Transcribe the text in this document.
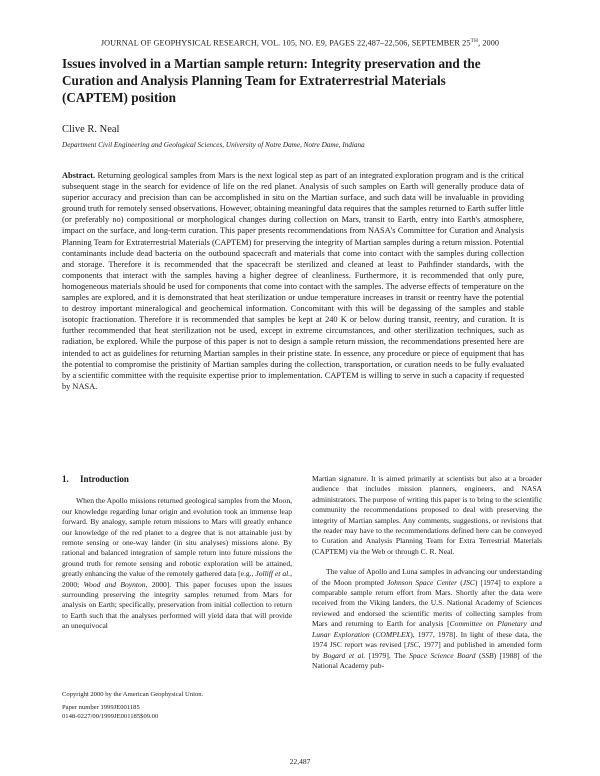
JOURNAL OF GEOPHYSICAL RESEARCH, VOL. 105, NO. E9, PAGES 22,487–22,506, SEPTEMBER 25TH, 2000
Issues involved in a Martian sample return: Integrity preservation and the Curation and Analysis Planning Team for Extraterrestrial Materials (CAPTEM) position

Clive R. Neal

Department Civil Engineering and Geological Sciences, University of Notre Dame, Notre Dame, Indiana

Abstract. Returning geological samples from Mars is the next logical step as part of an integrated exploration program and is the critical subsequent stage in the search for evidence of life on the red planet. Analysis of such samples on Earth will generally produce data of superior accuracy and precision than can be accomplished in situ on the Martian surface, and such data will be invaluable in providing ground truth for remotely sensed observations. However, obtaining meaningful data requires that the samples returned to Earth suffer little (or preferably no) compositional or morphological changes during collection on Mars, transit to Earth, entry into Earth's atmosphere, impact on the surface, and long-term curation. This paper presents recommendations from NASA's Committee for Curation and Analysis Planning Team for Extraterrestrial Materials (CAPTEM) for preserving the integrity of Martian samples during a return mission. Potential contaminants include dead bacteria on the outbound spacecraft and materials that come into contact with the samples during collection and storage. Therefore it is recommended that the spacecraft be sterilized and cleaned at least to Pathfinder standards, with the components that interact with the samples having a higher degree of cleanliness. Furthermore, it is recommended that only pure, homogeneous materials should be used for components that come into contact with the samples. The adverse effects of temperature on the samples are explored, and it is demonstrated that heat sterilization or undue temperature increases in transit or reentry have the potential to destroy important mineralogical and geochemical information. Concomitant with this will be degassing of the samples and stable isotopic fractionation. Therefore it is recommended that samples be kept at 240 K or below during transit, reentry, and curation. It is further recommended that heat sterilization not be used, except in extreme circumstances, and other sterilization techniques, such as radiation, be explored. While the purpose of this paper is not to design a sample return mission, the recommendations presented here are intended to act as guidelines for returning Martian samples in their pristine state. In essence, any procedure or piece of equipment that has the potential to compromise the pristinity of Martian samples during the collection, transportation, or curation needs to be fully evaluated by a scientific committee with the requisite expertise prior to implementation. CAPTEM is willing to serve in such a capacity if requested by NASA.

1. Introduction

When the Apollo missions returned geological samples from the Moon, our knowledge regarding lunar origin and evolution took an immense leap forward. By analogy, sample return missions to Mars will greatly enhance our knowledge of the red planet to a degree that is not attainable just by remote sensing or one-way lander (in situ analyses) missions alone. By rational and balanced integration of sample return into future missions the ground truth for remote sensing and robotic exploration will be attained, greatly enhancing the value of the remotely gathered data [e.g., Jolliff et al., 2000; Wood and Boynton, 2000]. This paper focuses upon the issues surrounding preserving the integrity samples returned from Mars for analysis on Earth; specifically, preservation from initial collection to return to Earth such that the analyses performed will yield data that will provide an unequivocal

Copyright 2000 by the American Geophysical Union.
Paper number 1999JE001185
0148-0227/00/1999JE001185$09.00

Martian signature. It is aimed primarily at scientists but also at a broader audience that includes mission planners, engineers, and NASA administrators. The purpose of writing this paper is to bring to the scientific community the recommendations proposed to deal with preserving the integrity of Martian samples. Any comments, suggestions, or revisions that the reader may have to the recommendations defined here can be conveyed to Curation and Analysis Planning Team for Extra Terrestrial Materials (CAPTEM) via the Web or through C. R. Neal.

The value of Apollo and Luna samples in advancing our understanding of the Moon prompted Johnson Space Center (JSC) [1974] to explore a comparable sample return effort from Mars. Shortly after the data were received from the Viking landers, the U.S. National Academy of Sciences reviewed and endorsed the scientific merits of collecting samples from Mars and returning to Earth for analysis [Committee on Planetary and Lunar Exploration (COMPLEX), 1977, 1978]. In light of these data, the 1974 JSC report was revised [JSC, 1977] and published in amended form by Bogard et al. [1979]. The Space Science Board (SSB) [1988] of the National Academy pub-

22,487
